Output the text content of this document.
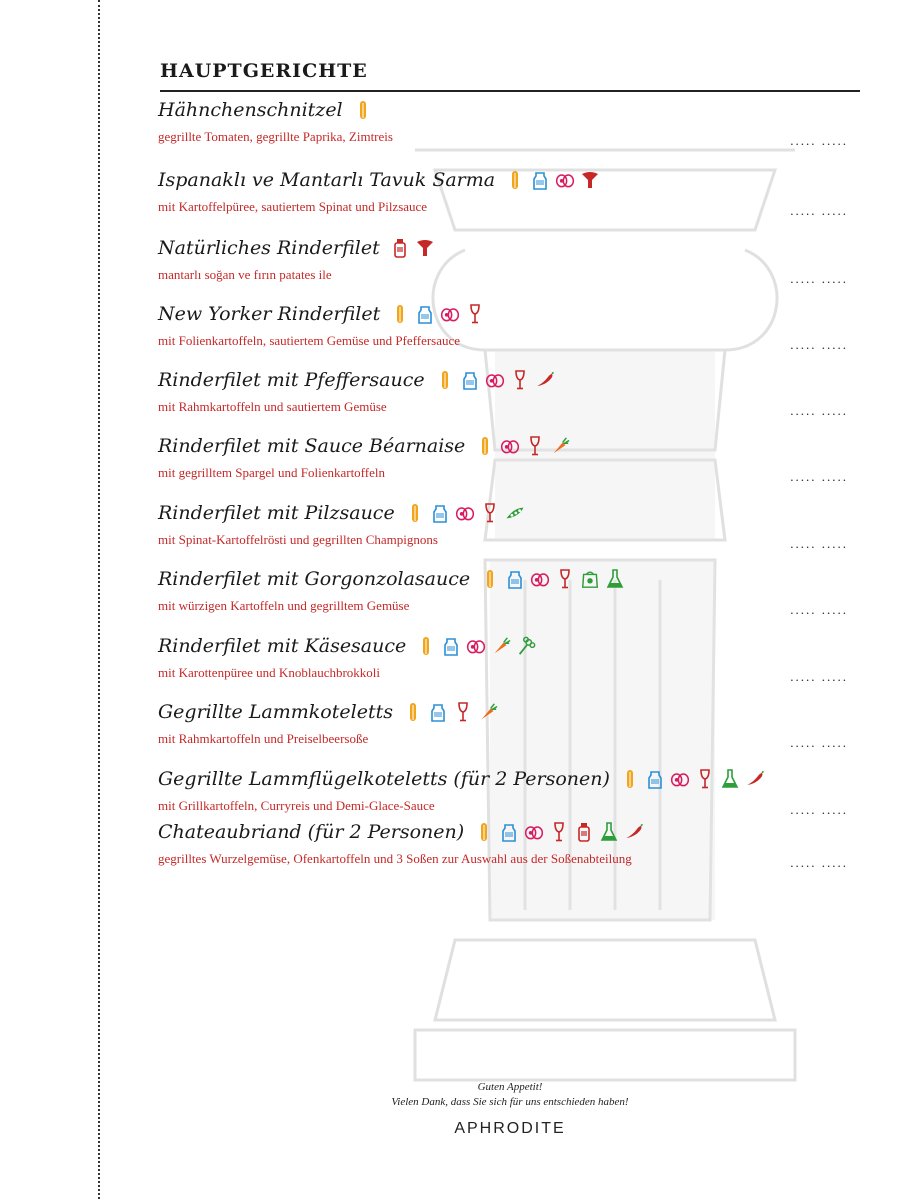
HAUPTGERICHTE
Hähnchenschnitzel
gegrillte Tomaten, gegrillte Paprika, Zimtreis	..... .....
Ispanaklı ve Mantarlı Tavuk Sarma
mit Kartoffelpüree, sautiertem Spinat und Pilzsauce	..... .....
Natürliches Rinderfilet
mantarlı soğan ve fırın patates ile	..... .....
New Yorker Rinderfilet
mit Folienkartoffeln, sautiertem Gemüse und Pfeffersauce	..... .....
Rinderfilet mit Pfeffersauce
mit Rahmkartoffeln und sautiertem Gemüse	..... .....
Rinderfilet mit Sauce Béarnaise
mit gegrilltem Spargel und Folienkartoffeln	..... .....
Rinderfilet mit Pilzsauce
mit Spinat-Kartoffelrösti und gegrillten Champignons	..... .....
Rinderfilet mit Gorgonzolasauce
mit würzigen Kartoffeln und gegrilltem Gemüse	..... .....
Rinderfilet mit Käsesauce
mit Karottenpüree und Knoblauchbrokkoli	..... .....
Gegrillte Lammkoteletts
mit Rahmkartoffeln und Preiselbeersoße	..... .....
Gegrillte Lammflügelkoteletts (für 2 Personen)
mit Grillkartoffeln, Curryreis und Demi-Glace-Sauce	..... .....
Chateaubriand (für 2 Personen)
gegrilltes Wurzelgemüse, Ofenkartoffeln und 3 Soßen zur Auswahl aus der Soßenabteilung	..... .....
Guten Appetit!
Vielen Dank, dass Sie sich für uns entschieden haben!
APHRODITE
